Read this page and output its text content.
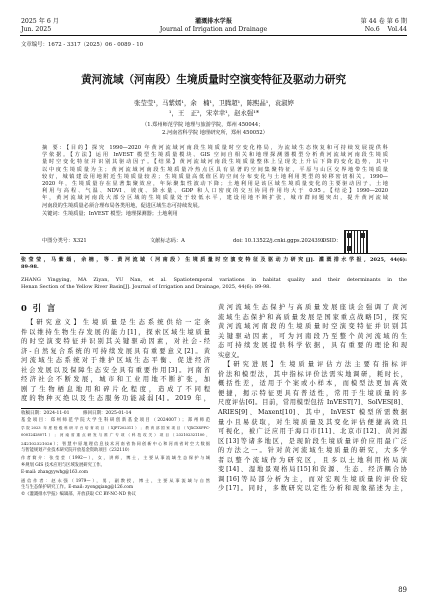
2025 年 6 月
Jun. 2025
灌溉排水学报
Journal of Irrigation and Drainage
第 44 卷 第 6 期
No.6    Vol.44
文章编号：1672 - 3317（2025）06 - 0089 - 10
黄河流域（河南段）生境质量时空演变特征及驱动力研究
张莹莹¹，马紫嫣¹，余　楠¹，卫腾超¹，陈熙晶¹，袁淑婷¹，王　正²，宋幸幸¹，赵永强¹*
（1.郑州师范学院 地理与旅游学院，郑州 450044；
2.河南省科学院 地理研究所，郑州 450052）
摘 要：【目的】探究 1990—2020 年黄河流域河南段生境质量时空变化格局，为流域生态恢复和可持续发展提供科
学依据。【方法】运用 InVEST 模型生境质量模块、GIS 空间自相关和地理探测器模型分析黄河流域河南段生境质
量时空变化特征并识别其驱动因子。【结果】黄河流域河南段生境质量整体上呈现先上升后下降的变化趋势，其中
以中度生境质量为主；黄河流域河南段生境质量冷热点区具有显著的空间集聚特征，平原与山区交界地带生境质量
较好，城镇建设用地附近生境质量较差；生境质量高低值区的空间分布变化与土地利用类型的转移密切相关。1990—
2020 年，生境质量存在显著集聚效应，年际聚集性波动下降；土地利用是该区域生境质量变化的主要驱动因子，土地
利用与高程、气温、NDVI、坡度、降水量、GDP 和人口密度的交互协同作用均大于 0.95。【结论】1990—2020
年，黄河流域河南段大部分区域的生境质量处于较低水平，建设用地不断扩张，城市群间题突出，提升黄河流域
河南段的生境质量必须合理布局各类用地，促进区域生态可持续发展。
关键词：生境质量；InVEST 模型；地理探测器；土地利用
中图分类号：X321	文献标志码：A	doi: 10.13522/j.cnki.ggps.2024393
OSID：
张莹莹，马紫嫣，余楠，等. 黄河流域（河南段）生境质量时空演变特征及驱动力研究[J]. 灌溉排水学报, 2025, 44(6):
89-98.
ZHANG Yingying, MA Ziyan, YU Nan, et al. Spatiotemporal variations in habitat quality and their determinants in the
Henan Section of the Yellow River Basin[J]. Journal of Irrigation and Drainage, 2025, 44(6): 89-98.
0  引  言
【研究意义】生境质量是生态系统供给一定条
件以维持生物生存发展的能力[1]，探索区域生境质量
的时空演变特征并识别其关键驱动因素，对社会-经
济-自然复合系统的可持续发展具有重要意义[2]。黄
河流域生态系统对于维护区域生态平衡、促进经济
社会发展以及保障生态安全具有重要作用[3]。河南省
经济社会不断发展，城市和工业用地不断扩张，加
剧了生物栖息地用和碎片化程度，造成了不同程
度的物种灭绝以及生态服务功能减弱[4]。2019 年，
收稿日期：2024-11-01　　　修回日期：2025-01-14
基金项目：郑州师范学院大学生科研创新基金项目（2024007）；郑州师范
学院2023 年度校级科研平台培育项目（XJPT202311）；教育部国家项目（YJXCXSPFC-
00012428071）；河南省重点研发与推广专项（科技攻关）项目（232102321100，
242102321026）；智慧中原地理信息技术河南省协同创新中心和河南省时空大数据
与智能规划产业技术研究院开放基金资助项目（232110）
作者简介：张莹莹（1992—），女，讲师，博士，主要从事流域生态保护与城
乡规划 GIS 技术应用与区域发展研究工作。
E-mail: zhangyywhg@163.com
通信作者：赵永强（1979—），男，副教授，博士，主要从事流域与自然
生与生态保护研究工作。E-mail: zyongqiang@126.com
©《灌溉排水学报》编辑部，开放获取 CC BY-NC-ND 协议
黄河流域生态保护与高质量发展座谈会强调了黄河
流域生态保护和高质量发展是国家重点战略[5]，探究
黄河流域河南段的生境质量时空演变特征并识别其
关键驱动因素，可为河南段乃至整个黄河流域的生
态可持续发展提供科学依据，具有重要的理论和现
实意义。
【研究进展】生境质量评估方法主要有指标评
价法和模型法，其中指标评价法需实地调研，耗时长，
概括性差，适用于个案或小样本，而模型法更加高效
便捷，揭示特征更具有普适性，常用于生境质量的多
尺度评估[6]。目前，常用模型包括 InVEST[7]、SolVES[8]、
ARIES[9]、Maxent[10]、其中，InVEST 模型所需数据
量小且易获取，对生境质量及其变化评估便捷高效且
可视化，被广泛应用于海口市[11]、北京市[12]、黄河源
区[13]等诸多地区，是现阶段生境质量评价应用最广泛
的方法之一。针对黄河流域生境质量的研究，大多学
者以整个流域作为研究区，且多以土地利用格局演
变[14]、湿地景观格局[15]和资源、生态、经济耦合协
调[16]等局部分析为主，而对宏观生境质量的评价较
少[17]。同时，多数研究以定性分析和现象描述为主，
89
